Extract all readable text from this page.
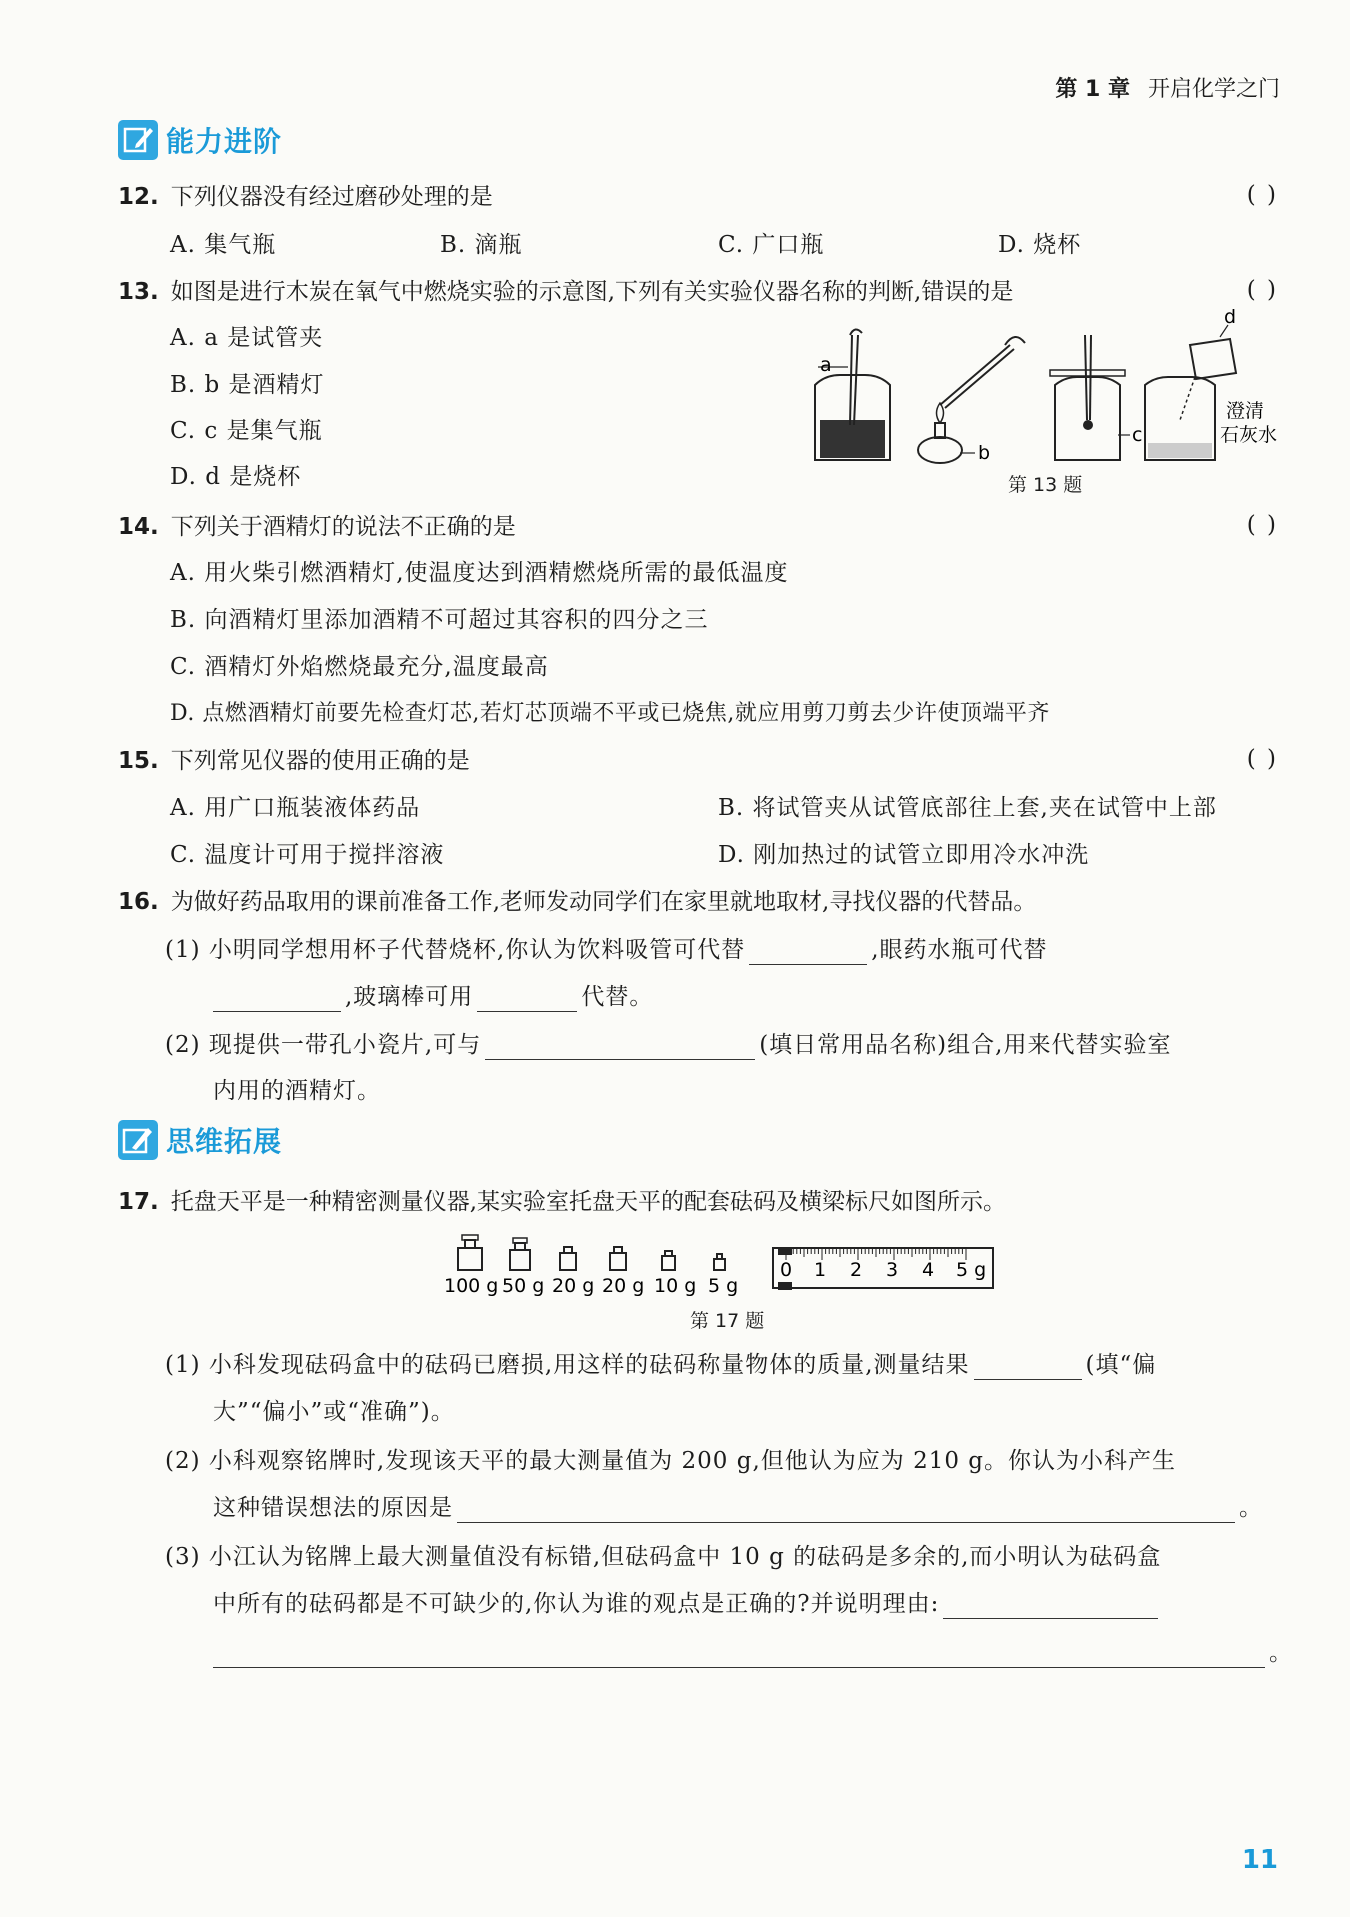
第 1 章 开启化学之门
能力进阶
12. 下列仪器没有经过磨砂处理的是	( )
A. 集气瓶	B. 滴瓶	C. 广口瓶	D. 烧杯
13. 如图是进行木炭在氧气中燃烧实验的示意图,下列有关实验仪器名称的判断,错误的是	( )
A. a 是试管夹
B. b 是酒精灯
C. c 是集气瓶
D. d 是烧杯
a
b
c
d
澄清
石灰水
第 13 题
14. 下列关于酒精灯的说法不正确的是	( )
A. 用火柴引燃酒精灯,使温度达到酒精燃烧所需的最低温度
B. 向酒精灯里添加酒精不可超过其容积的四分之三
C. 酒精灯外焰燃烧最充分,温度最高
D. 点燃酒精灯前要先检查灯芯,若灯芯顶端不平或已烧焦,就应用剪刀剪去少许使顶端平齐
15. 下列常见仪器的使用正确的是	( )
A. 用广口瓶装液体药品	B. 将试管夹从试管底部往上套,夹在试管中上部
C. 温度计可用于搅拌溶液	D. 刚加热过的试管立即用冷水冲洗
16. 为做好药品取用的课前准备工作,老师发动同学们在家里就地取材,寻找仪器的代替品。
(1) 小明同学想用杯子代替烧杯,你认为饮料吸管可代替	,眼药水瓶可代替
,玻璃棒可用	代替。
(2) 现提供一带孔小瓷片,可与	(填日常用品名称)组合,用来代替实验室
内用的酒精灯。
思维拓展
17. 托盘天平是一种精密测量仪器,某实验室托盘天平的配套砝码及横梁标尺如图所示。
100 g 50 g 20 g 20 g 10 g 5 g
0 1 2 3 4 5 g
第 17 题
(1) 小科发现砝码盒中的砝码已磨损,用这样的砝码称量物体的质量,测量结果	(填“偏
大”“偏小”或“准确”)。
(2) 小科观察铭牌时,发现该天平的最大测量值为 200 g,但他认为应为 210 g。你认为小科产生
这种错误想法的原因是	。
(3) 小江认为铭牌上最大测量值没有标错,但砝码盒中 10 g 的砝码是多余的,而小明认为砝码盒
中所有的砝码都是不可缺少的,你认为谁的观点是正确的?并说明理由:
。
11
